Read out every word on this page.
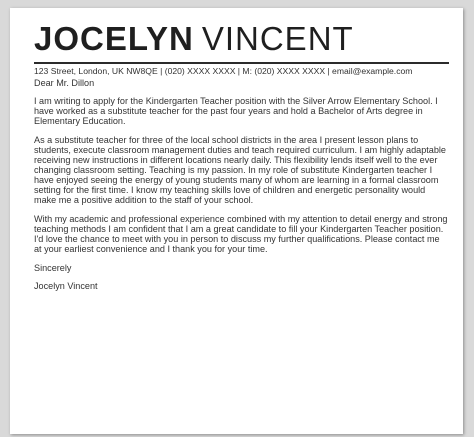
JOCELYN VINCENT
123 Street, London, UK NW8QE | (020) XXXX XXXX | M: (020) XXXX XXXX | email@example.com

Dear Mr. Dillon

I am writing to apply for the Kindergarten Teacher position with the Silver Arrow Elementary School. I have worked as a substitute teacher for the past four years and hold a Bachelor of Arts degree in Elementary Education.

As a substitute teacher for three of the local school districts in the area I present lesson plans to students, execute classroom management duties and teach required curriculum. I am highly adaptable receiving new instructions in different locations nearly daily. This flexibility lends itself well to the ever changing classroom setting. Teaching is my passion. In my role of substitute Kindergarten teacher I have enjoyed seeing the energy of young students many of whom are learning in a formal classroom setting for the first time. I know my teaching skills love of children and energetic personality would make me a positive addition to the staff of your school.

With my academic and professional experience combined with my attention to detail energy and strong teaching methods I am confident that I am a great candidate to fill your Kindergarten Teacher position. I'd love the chance to meet with you in person to discuss my further qualifications. Please contact me at your earliest convenience and I thank you for your time.

Sincerely

Jocelyn Vincent
